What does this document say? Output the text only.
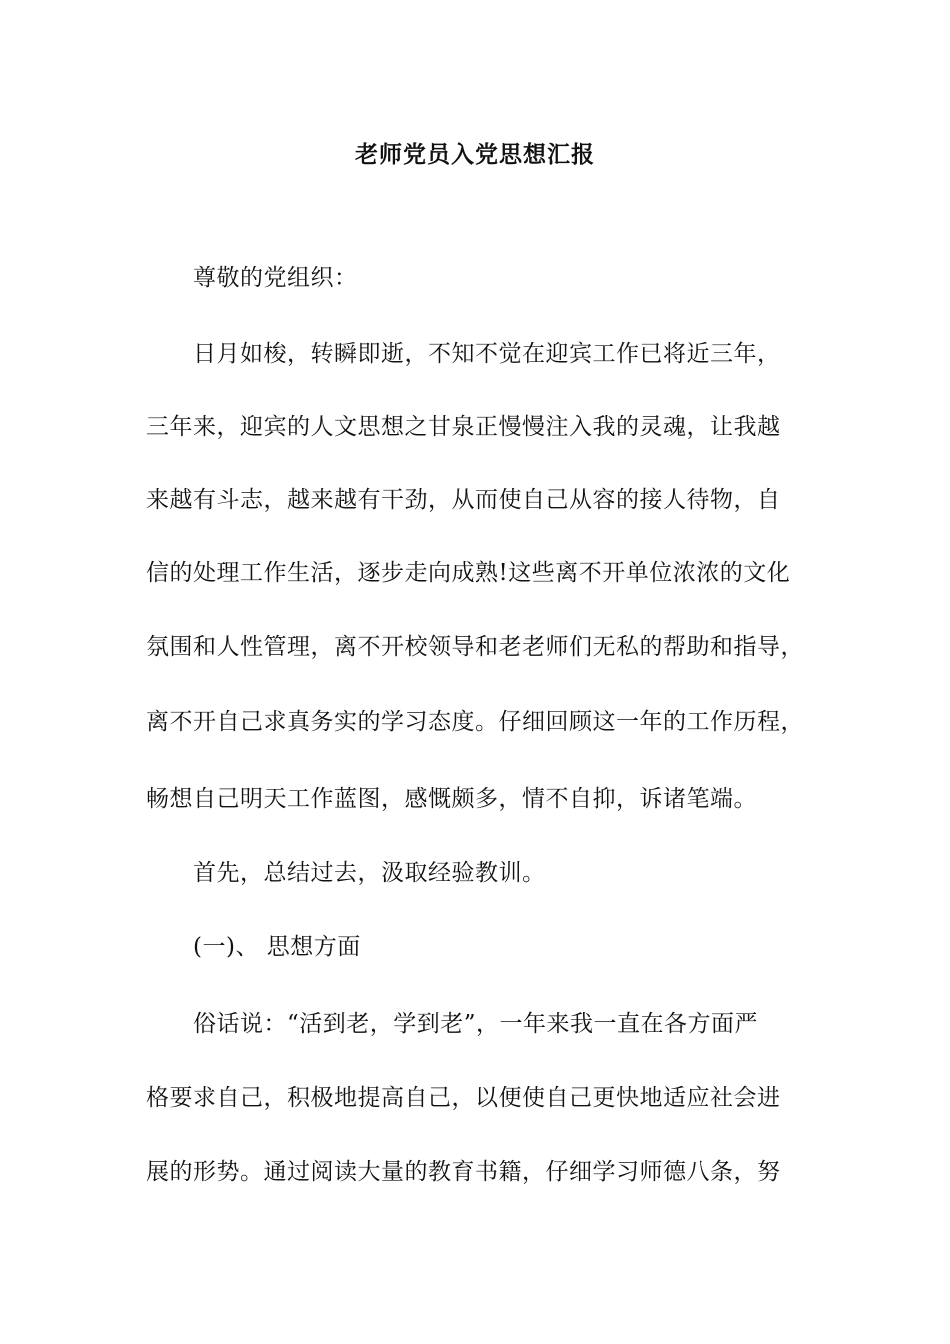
老师党员入党思想汇报
尊敬的党组织：
日月如梭，转瞬即逝，不知不觉在迎宾工作已将近三年，
三年来，迎宾的人文思想之甘泉正慢慢注入我的灵魂，让我越
来越有斗志，越来越有干劲，从而使自己从容的接人待物，自
信的处理工作生活，逐步走向成熟!这些离不开单位浓浓的文化
氛围和人性管理，离不开校领导和老老师们无私的帮助和指导，
离不开自己求真务实的学习态度。仔细回顾这一年的工作历程，
畅想自己明天工作蓝图，感慨颇多，情不自抑，诉诸笔端。
首先，总结过去，汲取经验教训。
(一)、 思想方面
俗话说：“活到老，学到老”，一年来我一直在各方面严
格要求自己，积极地提高自己，以便使自己更快地适应社会进
展的形势。通过阅读大量的教育书籍，仔细学习师德八条，努
